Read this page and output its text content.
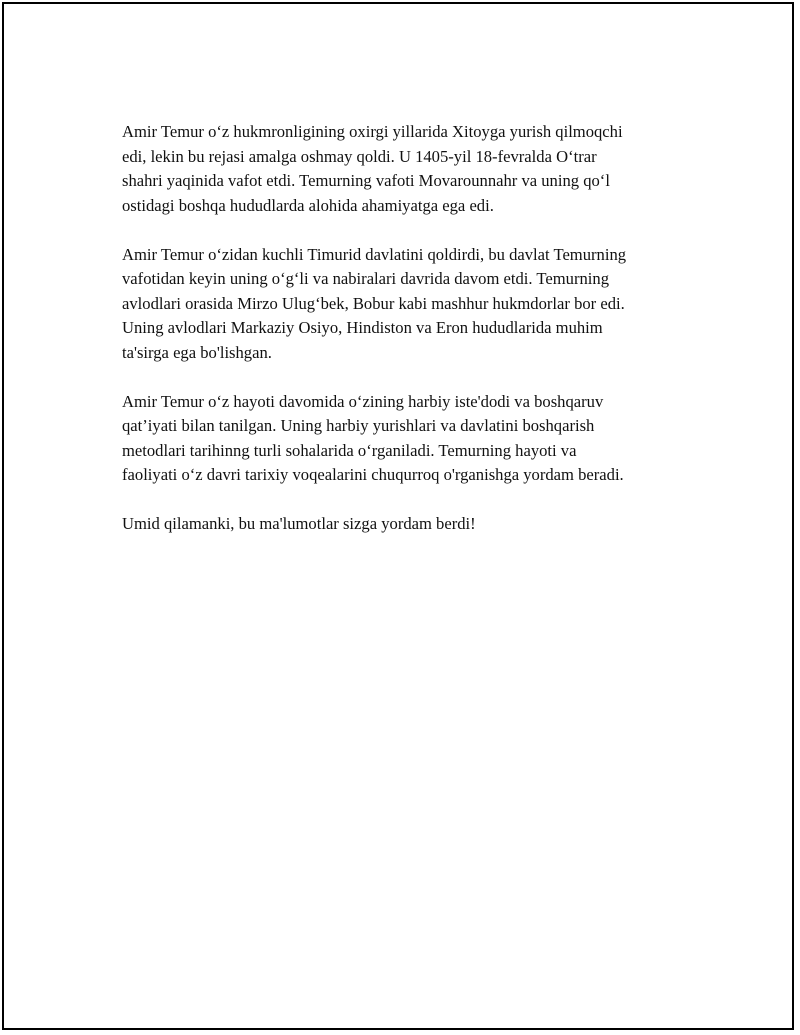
Amir Temur o‘z hukmronligining oxirgi yillarida Xitoyga yurish qilmoqchi
edi, lekin bu rejasi amalga oshmay qoldi. U 1405-yil 18-fevralda O‘trar
shahri yaqinida vafot etdi. Temurning vafoti Movarounnahr va uning qo‘l
ostidagi boshqa hududlarda alohida ahamiyatga ega edi.

Amir Temur o‘zidan kuchli Timurid davlatini qoldirdi, bu davlat Temurning
vafotidan keyin uning o‘g‘li va nabiralari davrida davom etdi. Temurning
avlodlari orasida Mirzo Ulug‘bek, Bobur kabi mashhur hukmdorlar bor edi.
Uning avlodlari Markaziy Osiyo, Hindiston va Eron hududlarida muhim
ta'sirga ega bo'lishgan.

Amir Temur o‘z hayoti davomida o‘zining harbiy iste'dodi va boshqaruv
qat’iyati bilan tanilgan. Uning harbiy yurishlari va davlatini boshqarish
metodlari tarihinng turli sohalarida o‘rganiladi. Temurning hayoti va
faoliyati o‘z davri tarixiy voqealarini chuqurroq o'rganishga yordam beradi.

Umid qilamanki, bu ma'lumotlar sizga yordam berdi!
